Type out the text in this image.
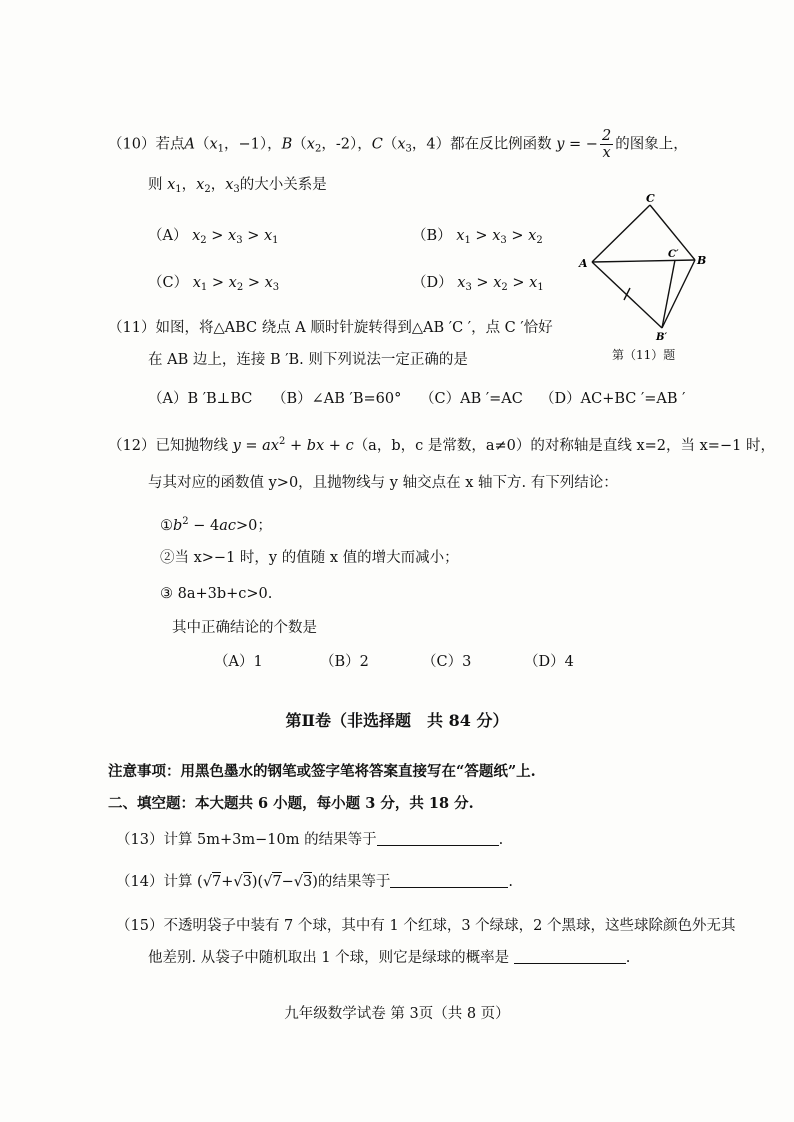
（10）若点$A(x_1$，−1），$B(x_2$，-2），$C(x_3$，4）都在反比例函数 y = − $\frac{2}{x}$ 的图象上，
则 $x_1$，$x_2$，$x_3$的大小关系是
（A） $x_2 > x_3 > x_1$	（B） $x_1 > x_3 > x_2$
（C） $x_1 > x_2 > x_3$	（D） $x_3 > x_2 > x_1$
C
A	B
C′
B′
第（11）题
（11）如图，将△ABC 绕点 A 顺时针旋转得到△AB ′C ′，点 C ′恰好
在 AB 边上，连接 B ′B. 则下列说法一定正确的是
（A）B ′B⊥BC （B）∠AB ′B=60° （C）AB ′=AC （D）AC+BC ′=AB ′
（12）已知抛物线 $y = ax^2$ + bx + c（a，b，c 是常数，a≠0）的对称轴是直线 x=2，当 x=−1 时，
与其对应的函数值 y>0，且抛物线与 y 轴交点在 x 轴下方. 有下列结论：
$①b^2 - 4ac>0$；
②当 x>−1 时，y 的值随 x 值的增大而减小；
③ 8a+3b+c>0.
其中正确结论的个数是
（A）1	（B）2	（C）3	（D）4
第Ⅱ卷（非选择题　共 84 分）
注意事项：用黑色墨水的钢笔或签字笔将答案直接写在“答题纸”上.
二、填空题：本大题共 6 小题，每小题 3 分，共 18 分.
（13）计算 5m+3m−10m 的结果等于	.
（14）计算 (√7+√3)(√7−√3)的结果等于	.
（15）不透明袋子中装有 7 个球，其中有 1 个红球，3 个绿球，2 个黑球，这些球除颜色外无其
他差别. 从袋子中随机取出 1 个球，则它是绿球的概率是	.
九年级数学试卷 第 3页（共 8 页）
